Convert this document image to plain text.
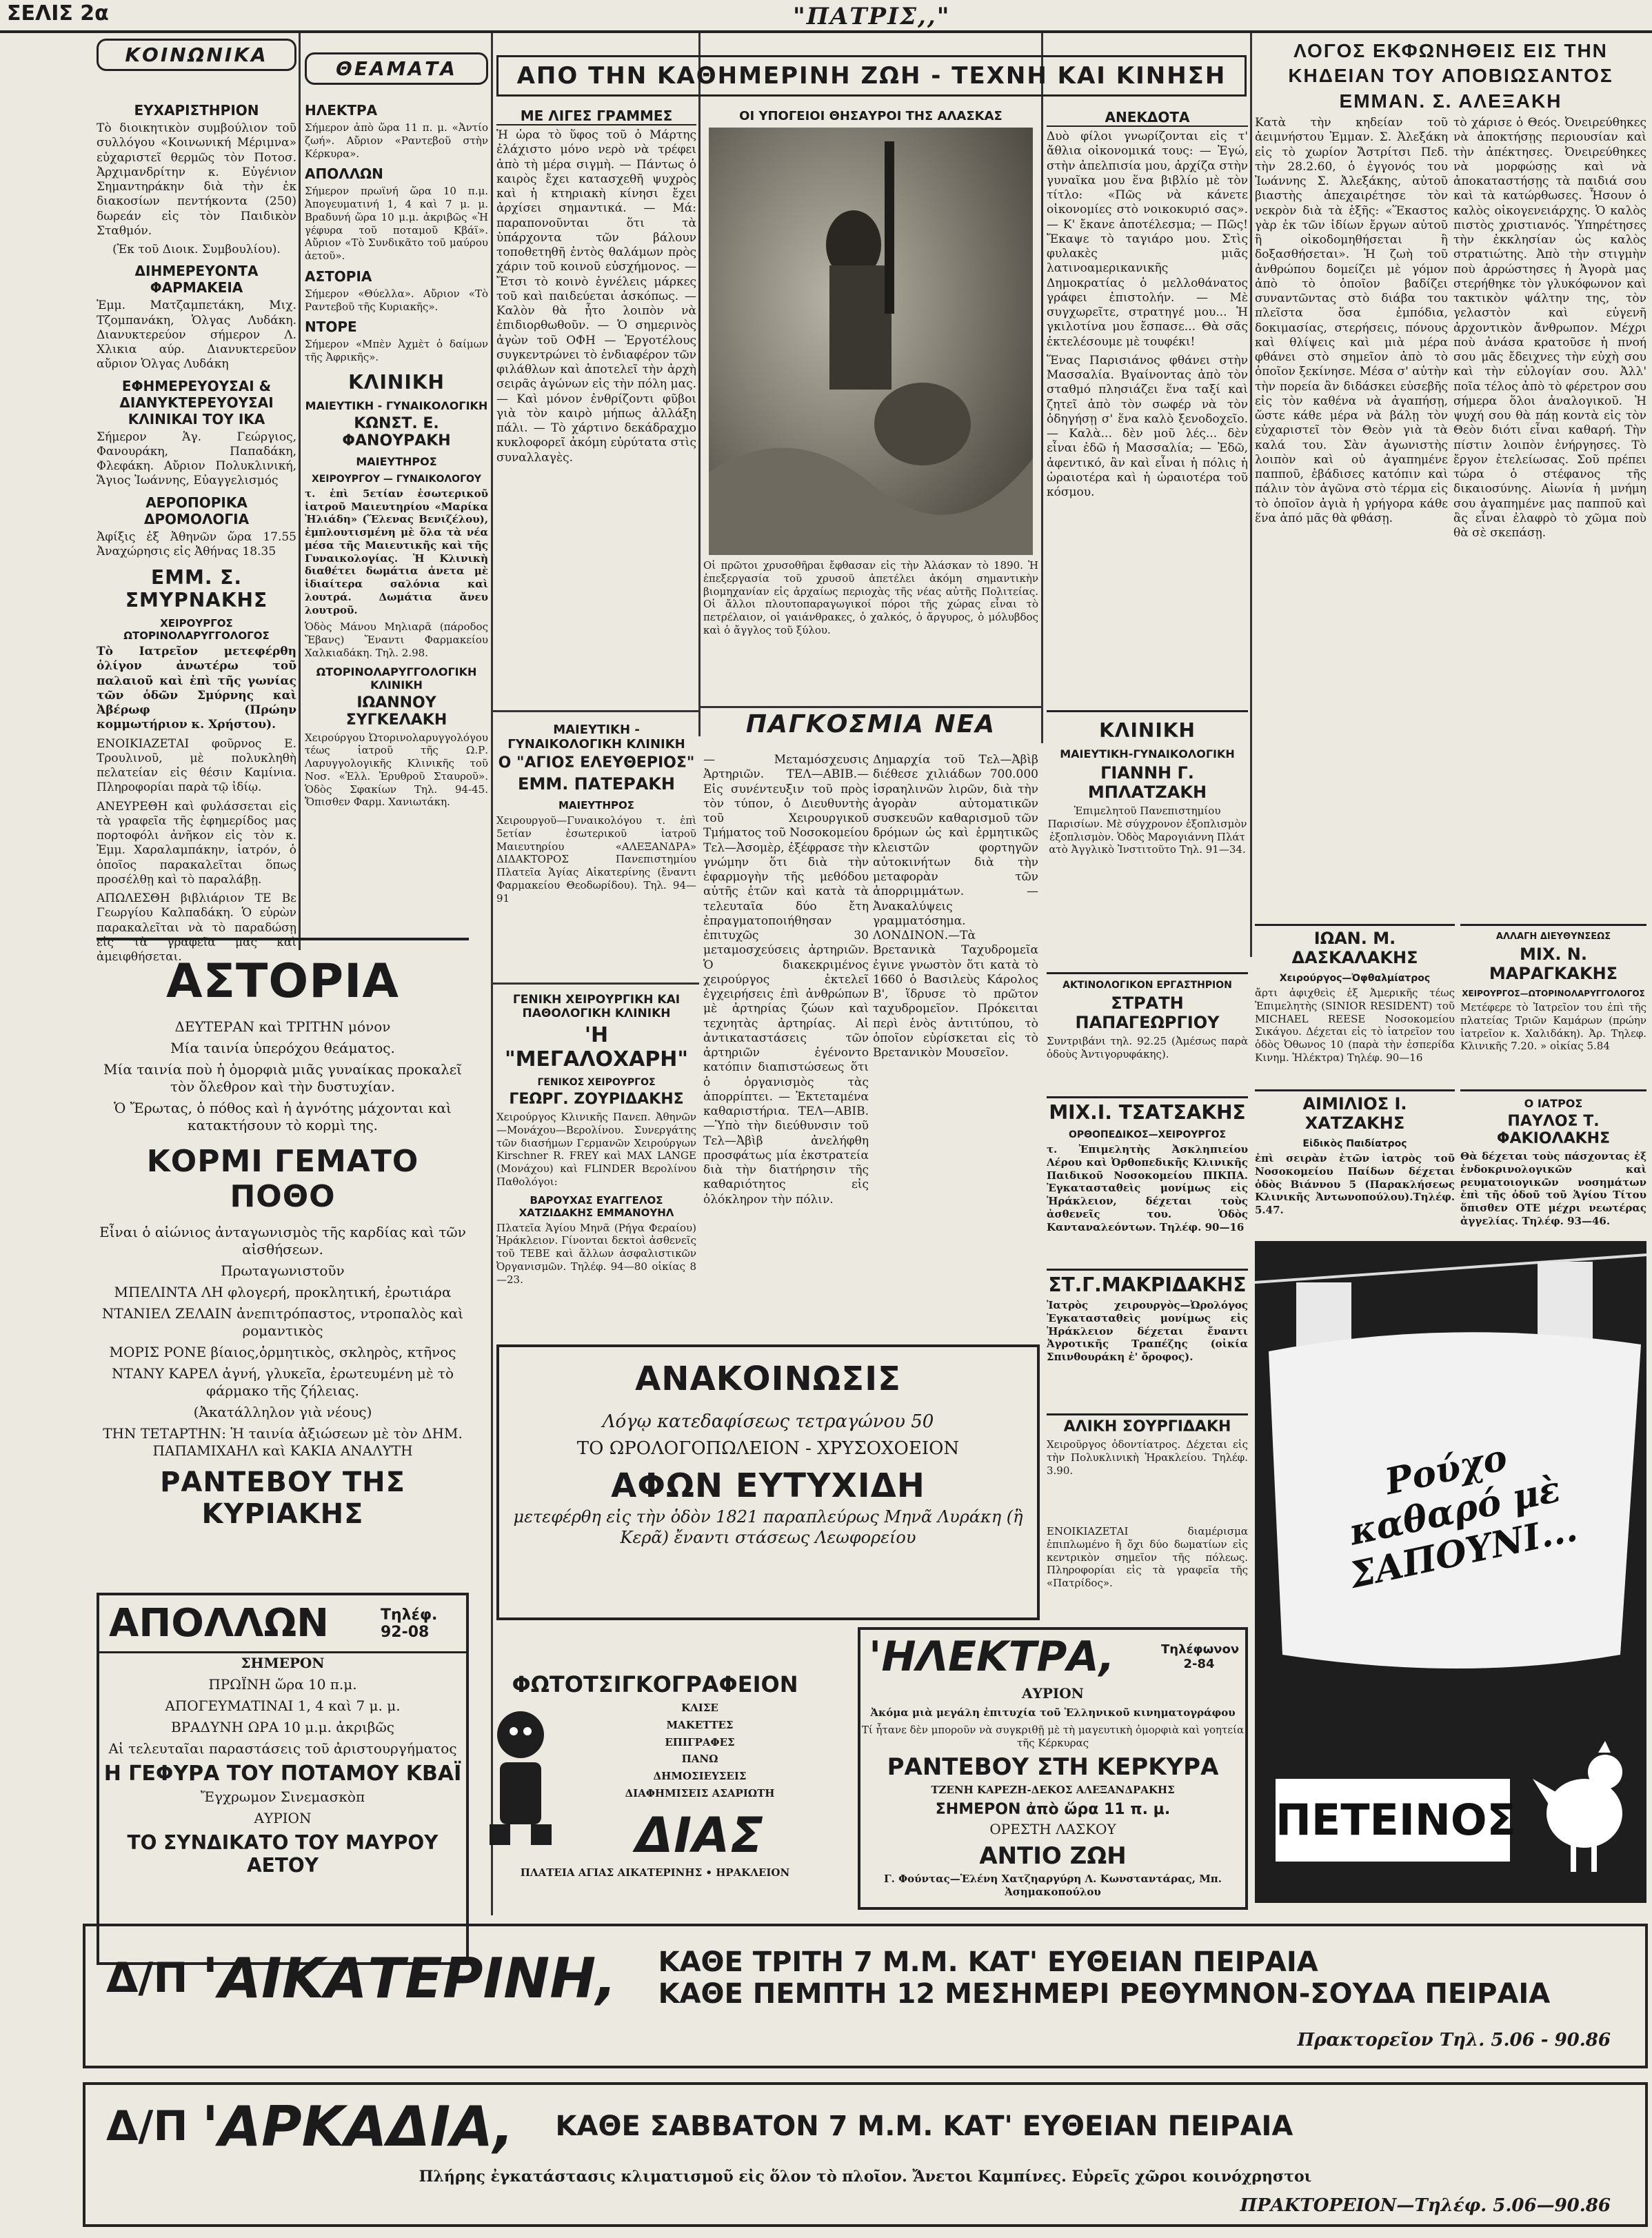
ΣΕΛΙΣ 2α	"ΠΑΤΡΙΣ,,"
ΚΟΙΝΩΝΙΚΑ
ΕΥΧΑΡΙΣΤΗΡΙΟΝ
Τὸ διοικητικὸν συμβούλιον τοῦ συλλόγου «Κοινωνική Μέριμνα» εὐχαριστεῖ θερμῶς τὸν Ποτοσ. Ἀρχιμανδρίτην κ. Εὐγένιον Σημαντηράκην διὰ τὴν ἐκ διακοσίων πεντήκοντα (250) δωρεάν εἰς τὸν Παιδικὸν Σταθμόν.
(Ἐκ τοῦ Διοικ. Συμβουλίου).
ΔΙΗΜΕΡΕΥΟΝΤΑ ΦΑΡΜΑΚΕΙΑ
Ἐμμ. Ματζαμπετάκη, Μιχ. Τζομπανάκη, Ὁλγας Λυδάκη. Διανυκτερεύον σήμερον Λ. Χλικια αύρ. Διανυκτερεῦον αὔριον Ὁλγας Λυδάκη
ΕΦΗΜΕΡΕΥΟΥΣΑΙ & ΔΙΑΝΥΚΤΕΡΕΥΟΥΣΑΙ ΚΛΙΝΙΚΑΙ ΤΟΥ ΙΚΑ
Σήμερον Ἁγ. Γεώργιος, Φανουράκη, Παπαδάκη, Φλεφάκη. Αὔριον Πολυκλινική, Ἅγιος Ἰωάννης, Εὐαγγελισμός
ΑΕΡΟΠΟΡΙΚΑ ΔΡΟΜΟΛΟΓΙΑ
Ἀφίξις ἐξ Ἀθηνῶν ὥρα 17.55 Ἀναχώρησις εἰς Ἀθήνας 18.35
ΕΜΜ. Σ. ΣΜΥΡΝΑΚΗΣ
ΧΕΙΡΟΥΡΓΟΣ ΩΤΟΡΙΝΟΛΑΡΥΓΓΟΛΟΓΟΣ
Τὸ Ιατρεῖον μετεφέρθη ὀλίγον ἀνωτέρω τοῦ παλαιοῦ καὶ ἐπὶ τῆς γωνίας τῶν ὁδῶν Σμύρνης καὶ Ἀβέρωφ (Πρώην κομμωτήριον κ. Χρήστου).
ΕΝΟΙΚΙΑΖΕΤΑΙ φοῦρνος Ε. Τρουλινοῦ, μὲ πολυκληθὴ πελατείαν εἰς θέσιν Καμίνια. Πληροφορίαι παρὰ τῷ ἰδίῳ.
ΑΝΕΥΡΕΘΗ καὶ φυλάσσεται εἰς τὰ γραφεῖα τῆς ἐφημερίδος μας πορτοφόλι ἀνῆκον εἰς τὸν κ. Ἐμμ. Χαραλαμπάκην, ἰατρόν, ὁ ὁποῖος παρακαλεῖται ὅπως προσέλθῃ καὶ τὸ παραλάβῃ.
ΑΠΩΛΕΣΘΗ βιβλιάριον ΤΕ Βε Γεωργίου Καλπαδάκη. Ὁ εὑρὼν παρακαλεῖται νὰ τὸ παραδώσῃ εἰς τὰ γραφεῖα μας καὶ ἀμειφθήσεται.
ΘΕΑΜΑΤΑ
ΗΛΕΚΤΡΑ
Σήμερον ἀπὸ ὥρα 11 π. μ. «Ἀντίο ζωή». Αὔριον «Ραντεβοῦ στὴν Κέρκυρα».
ΑΠΟΛΛΩΝ
Σήμερον πρωϊνή ὥρα 10 π.μ. Ἀπογευματινή 1, 4 καὶ 7 μ. μ. Βραδυνή ὥρα 10 μ.μ. ἀκριβῶς «Ἡ γέφυρα τοῦ ποταμοῦ Κβάϊ». Αὔριον «Τὸ Συνδικᾶτο τοῦ μαύρου ἀετοῦ».
ΑΣΤΟΡΙΑ
Σήμερον «Θύελλα». Αὔριον «Τὸ Ραντεβοῦ τῆς Κυριακῆς».
ΝΤΟΡΕ
Σήμερον «Μπὲν Ἀχμὲτ ὁ δαίμων τῆς Ἀφρικῆς».
ΚΛΙΝΙΚΗ
ΜΑΙΕΥΤΙΚΗ - ΓΥΝΑΙΚΟΛΟΓΙΚΗ
ΚΩΝΣΤ. Ε. ΦΑΝΟΥΡΑΚΗ
ΜΑΙΕΥΤΗΡΟΣ
ΧΕΙΡΟΥΡΓΟΥ — ΓΥΝΑΙΚΟΛΟΓΟΥ
τ. ἐπὶ 5ετίαν ἐσωτερικοῦ ἰατροῦ Μαιευτηρίου «Μαρίκα Ἠλιάδη» (Ἕλενας Βενιζέλου), ἐμπλουτισμένη μὲ ὅλα τὰ νέα μέσα τῆς Μαιευτικῆς καὶ τῆς Γυναικολογίας. Ἡ Κλινικὴ διαθέτει δωμάτια ἀνετα μὲ ἰδιαίτερα σαλόνια καὶ λουτρά. Δωμάτια ἄνευ λουτροῦ.
Ὁδὸς Μάνου Μηλιαρᾶ (πάροδος Ἔβανς) Ἔναντι Φαρμακείου Χαλκιαδάκη. Τηλ. 2.98.
ΩΤΟΡΙΝΟΛΑΡΥΓΓΟΛΟΓΙΚΗ ΚΛΙΝΙΚΗ
ΙΩΑΝΝΟΥ ΣΥΓΚΕΛΑΚΗ
Χειρούργου Ὠτορινολαρυγγολόγου τέως ἰατροῦ τῆς Ω.Ρ. Λαρυγγολογικῆς Κλινικῆς τοῦ Νοσ. «Ἑλλ. Ἐρυθροῦ Σταυροῦ». Ὁδὸς Σφακίων Τηλ. 94-45. Ὄπισθεν Φαρμ. Χανιωτάκη.
ΑΠΟ ΤΗΝ ΚΑΘΗΜΕΡΙΝΗ ΖΩΗ - ΤΕΧΝΗ ΚΑΙ ΚΙΝΗΣΗ
ΜΕ ΛΙΓΕΣ ΓΡΑΜΜΕΣ
Ἡ ὡρα τὸ ὕφος τοῦ ὁ Μάρτης ἐλάχιστο μόνο νερὸ νὰ τρέφει ἀπὸ τὴ μέρα σιγμὴ. — Πάντως ὁ καιρὸς ἔχει κατασχεθῆ ψυχρὸς καὶ ἡ κτηριακὴ κίνησι ἔχει ἀρχίσει σημαντικά. — Μά: παραπονοῦνται ὅτι τὰ ὑπάρχοντα τῶν βάλουν τοποθετηθῆ ἐντὸς θαλάμων πρὸς χάριν τοῦ κοινοῦ εὐσχήμονος. — Ἔτσι τὸ κοινὸ ἐγνέλεις μάρκες τοῦ καὶ παιδεύεται ἀσκόπως. — Καλὸν θὰ ἦτο λοιπὸν νὰ ἐπιδιορθωθοῦν. — Ὁ σημερινὸς ἀγὼν τοῦ ΟΦΗ — Ἐργοτέλους συγκεντρώνει τὸ ἐνδιαφέρον τῶν φιλάθλων καὶ ἀποτελεῖ τὴν ἀρχὴ σειρᾶς ἀγώνων εἰς τὴν πόλη μας. — Καὶ μόνον ἐνθρίζοντι φῦβοι γιὰ τὸν καιρὸ μήπως ἀλλάξη πάλι. — Τὸ χάρτινο δεκάδραχμο κυκλοφορεῖ ἀκόμη εὐρύτατα στὶς συναλλαγὲς.
ΟΙ ΥΠΟΓΕΙΟΙ ΘΗΣΑΥΡΟΙ ΤΗΣ ΑΛΑΣΚΑΣ
Οἱ πρῶτοι χρυσοθῆραι ἔφθασαν εἰς τὴν Ἀλάσκαν τὸ 1890. Ἡ ἐπεξεργασία τοῦ χρυσοῦ ἀπετέλει ἀκόμη σημαντικὴν βιομηχανίαν εἰς ἀρχαίως περιοχὰς τῆς νέας αὐτῆς Πολιτείας. Οἱ ἄλλοι πλουτοπαραγωγικοί πόροι τῆς χώρας εἶναι τὸ πετρέλαιον, οἱ γαιάνθρακες, ὁ χαλκός, ὁ ἄργυρος, ὁ μόλυβδος καὶ ὁ ἄγγλος τοῦ ξύλου.
ΑΝΕΚΔΟΤΑ
Δυὸ φίλοι γνωρίζονται εἰς τ' ἄθλια οἰκονομικά τους: — Ἐγώ, στὴν ἀπελπισία μου, ἀρχίζα στὴν γυναῖκα μου ἕνα βιβλίο μὲ τὸν τίτλο: «Πῶς νὰ κάνετε οἰκονομίες στὸ νοικοκυριό σας». — Κ' ἔκανε ἀποτέλεσμα; — Πῶς! Ἔκαψε τὸ ταγιάρο μου. Στὶς φυλακὲς μιᾶς λατινοαμερικανικῆς Δημοκρατίας ὁ μελλοθάνατος γράφει ἐπιστολήν. — Μὲ συγχωρεῖτε, στρατηγέ μου... Ἡ γκιλοτίνα μου ἔσπασε... Θὰ σᾶς ἐκτελέσουμε μὲ τουφέκι!
Ἕνας Παρισιάνος φθάνει στὴν Μασσαλία. Βγαίνοντας ἀπὸ τὸν σταθμό πλησιάζει ἕνα ταξί καὶ ζητεῖ ἀπὸ τὸν σωφέρ νὰ τὸν ὁδηγήσῃ σ' ἕνα καλὸ ξενοδοχεῖο. — Καλὰ... δὲν μοῦ λές... δὲν εἶναι ἐδῶ ἡ Μασσαλία; — Ἐδῶ, ἀφεντικό, ἂν καὶ εἶναι ἡ πόλις ἡ ὡραιοτέρα καὶ ἡ ὡραιοτέρα τοῦ κόσμου.
ΛΟΓΟΣ ΕΚΦΩΝΗΘΕΙΣ ΕΙΣ ΤΗΝ ΚΗΔΕΙΑΝ ΤΟΥ ΑΠΟΒΙΩΣΑΝΤΟΣ ΕΜΜΑΝ. Σ. ΑΛΕΞΑΚΗ
Κατὰ τὴν κηδείαν τοῦ ἀειμνήστου Ἐμμαν. Σ. Ἀλεξάκη εἰς τὸ χωρίον Ἄστρίτσι Πεδ. τὴν 28.2.60, ὁ ἐγγονός του Ἰωάννης Σ. Ἀλεξάκης, αὐτοῦ βιαστὴς ἀπεχαιρέτησε τὸν νεκρὸν διὰ τὰ ἑξῆς: «Ἕκαστος γὰρ ἐκ τῶν ἰδίων ἔργων αὐτοῦ ἢ οἰκοδομηθήσεται ἢ δοξασθήσεται». Ἡ ζωὴ τοῦ ἀνθρώπου δομείζει μὲ γόμον ἀπὸ τὸ ὁποῖον βαδίζει συναντῶντας στὸ διάβα του πλεῖστα ὅσα ἐμπόδια, δοκιμασίας, στερήσεις, πόνους καὶ θλίψεις καὶ μιὰ μέρα φθάνει στὸ σημεῖον ἀπὸ τὸ ὁποῖον ξεκίνησε. Μέσα σ' αὐτὴν τὴν πορεία ἂν διδάσκει εὐσεβῆς εἰς τὸν καθένα νὰ ἀγαπήσῃ, ὥστε κάθε μέρα νὰ βάλῃ τὸν εὐχαριστεῖ τὸν Θεὸν γιὰ τὰ καλά του. Σὰν ἀγωνιστὴς λοιπὸν καὶ οὐ ἀγαπημένε παπποῦ, ἐβάδισες κατόπιν καὶ πάλιν τὸν ἀγῶνα στὸ τέρμα εἰς τὸ ὁποῖον ἀγιὰ ἡ γρήγορα κάθε ἕνα ἀπό μᾶς θὰ φθάσῃ.
τὸ χάρισε ὁ Θεός. Ὀνειρεύθηκες νὰ ἀποκτήσῃς περιουσίαν καὶ τὴν ἀπέκτησες. Ὀνειρεύθηκες νὰ μορφώσῃς καὶ νὰ ἀποκαταστήσῃς τὰ παιδιά σου καὶ τὰ κατώρθωσες. Ἦσουν ὁ καλὸς οἰκογενειάρχης. Ὁ καλὸς πιστὸς χριστιανός. Ὑπηρέτησες τὴν ἐκκλησίαν ὡς καλὸς στρατιώτης. Ἀπὸ τὴν στιγμὴν ποὺ ἀρρώστησες ἡ Ἀγορὰ μας στερήθηκε τὸν γλυκόφωνον καὶ τακτικὸν ψάλτην της, τὸν γελαστὸν καὶ εὐγενῆ ἀρχοντικὸν ἄνθρωπον. Μέχρι ποὺ ἀνάσα κρατοῦσε ἡ πνοή σου μᾶς ἔδειχνες τὴν εὐχὴ σου καὶ τὴν εὐλογίαν σου. Ἀλλ' ποῖα τέλος ἀπὸ τὸ φέρετρον σου σήμερα ὅλοι ἀναλογικοῦ. Ἡ ψυχή σου θὰ πάῃ κοντὰ εἰς τὸν Θεὸν διότι εἶναι καθαρή. Τὴν πίστιν λοιπὸν ἐνήργησες. Τὸ ἔργον ἐτελείωσας. Σοῦ πρέπει τώρα ὁ στέφανος τῆς δικαιοσύνης. Αἰωνία ἡ μνήμη σου ἀγαπημένε μας παπποῦ καὶ ἂς εἶναι ἐλαφρὸ τὸ χῶμα ποὺ θὰ σὲ σκεπάσῃ.
ΠΑΓΚΟΣΜΙΑ ΝΕΑ
— Μεταμόσχευσις Ἀρτηριῶν. ΤΕΛ—ΑΒΙΒ.—Εἰς συνέντευξιν τοῦ πρὸς τὸν τύπον, ὁ Διευθυντὴς τοῦ Χειρουργικοῦ Τμήματος τοῦ Νοσοκομείου Τελ—Ἀσομὲρ, ἐξέφρασε τὴν γνώμην ὅτι διὰ τὴν ἐφαρμογὴν τῆς μεθόδου αὐτῆς ἐτῶν καὶ κατὰ τὰ τελευταῖα δύο ἔτη ἐπραγματοποιήθησαν ἐπιτυχῶς 30 μεταμοσχεύσεις ἀρτηριῶν. Ὁ διακεκριμένος χειρούργος ἐκτελεῖ ἐγχειρήσεις ἐπὶ ἀνθρώπων μὲ ἀρτηρίας ζώων καὶ τεχνητὰς ἀρτηρίας. Αἱ ἀντικαταστάσεις τῶν ἀρτηριῶν ἐγένοντο κατόπιν διαπιστώσεως ὅτι ὁ ὀργανισμὸς τὰς ἀπορρίπτει. — Ἐκτεταμένα καθαριστήρια. ΤΕΛ—ΑΒΙΒ.—Ὑπὸ τὴν διεύθυνσιν τοῦ Τελ—Ἀβὶβ ἀνελήφθη προσφάτως μία ἐκστρατεία διὰ τὴν διατήρησιν τῆς καθαριότητος εἰς ὁλόκληρον τὴν πόλιν.
Δημαρχία τοῦ Τελ—Ἀβὶβ διέθεσε χιλιάδων 700.000 ἰσραηλινῶν λιρῶν, διὰ τὴν ἀγορὰν αὐτοματικῶν συσκευῶν καθαρισμοῦ τῶν δρόμων ὡς καὶ ἑρμητικῶς κλειστῶν φορτηγῶν αὐτοκινήτων διὰ τὴν μεταφορὰν τῶν ἀπορριμμάτων. — Ἀνακαλύψεις γραμματόσημα. ΛΟΝΔΙΝΟΝ.—Τὰ Βρετανικὰ Ταχυδρομεῖα ἐγινε γνωστὸν ὅτι κατὰ τὸ 1660 ὁ Βασιλεὺς Κάρολος Β', ἵδρυσε τὸ πρῶτον ταχυδρομεῖον. Πρόκειται περὶ ἑνὸς ἀντιτύπου, τὸ ὁποῖον εὑρίσκεται εἰς τὸ Βρετανικὸν Μουσεῖον.
ΜΑΙΕΥΤΙΚΗ - ΓΥΝΑΙΚΟΛΟΓΙΚΗ ΚΛΙΝΙΚΗ
Ο "ΑΓΙΟΣ ΕΛΕΥΘΕΡΙΟΣ"
ΕΜΜ. ΠΑΤΕΡΑΚΗ
ΜΑΙΕΥΤΗΡΟΣ
Χειρουργοῦ—Γυναικολόγου τ. ἐπὶ 5ετίαν ἐσωτερικοῦ ἰατροῦ Μαιευτηρίου «ΑΛΕΞΑΝΔΡΑ» ΔΙΔΑΚΤΟΡΟΣ Πανεπιστημίου Πλατεῖα Ἁγίας Αἰκατερίνης (ἔναντι Φαρμακείου Θεοδωρίδου). Τηλ. 94—91
ΓΕΝΙΚΗ ΧΕΙΡΟΥΡΓΙΚΗ ΚΑΙ ΠΑΘΟΛΟΓΙΚΗ ΚΛΙΝΙΚΗ
'Η "ΜΕΓΑΛΟΧΑΡΗ"
ΓΕΝΙΚΟΣ ΧΕΙΡΟΥΡΓΟΣ
ΓΕΩΡΓ. ΖΟΥΡΙΔΑΚΗΣ
Χειρούργος Κλινικῆς Πανεπ. Ἀθηνῶν—Μονάχου—Βερολίνου. Συνεργάτης τῶν διασήμων Γερμανῶν Χειρούργων Kirschner R. FREY καὶ MAX LANGE (Μονάχου) καὶ FLINDER Βερολίνου Παθολόγοι:
ΒΑΡΟΥΧΑΣ ΕΥΑΓΓΕΛΟΣ ΧΑΤΖΙΔΑΚΗΣ ΕΜΜΑΝΟΥΗΛ
Πλατεῖα Ἁγίου Μηνᾶ (Ρήγα Φεραίου) Ἡράκλειον. Γίνονται δεκτοὶ ἀσθενεῖς τοῦ ΤΕΒΕ καὶ ἄλλων ἀσφαλιστικῶν Ὀργανισμῶν. Τηλέφ. 94—80 οἰκίας 8—23.
ΚΛΙΝΙΚΗ
ΜΑΙΕΥΤΙΚΗ-ΓΥΝΑΙΚΟΛΟΓΙΚΗ
ΓΙΑΝΝΗ Γ. ΜΠΛΑΤΖΑΚΗ
Ἐπιμελητοῦ Πανεπιστημίου Παρισίων. Μὲ σύγχρονον ἐξοπλισμὸν ἐξοπλισμὸν. Ὁδὸς Μαρογιάννη Πλάτ ατὸ Ἀγγλικὸ Ἰνστιτοῦτο Τηλ. 91—34.
ΑΚΤΙΝΟΛΟΓΙΚΟΝ ΕΡΓΑΣΤΗΡΙΟΝ
ΣΤΡΑΤΗ ΠΑΠΑΓΕΩΡΓΙΟΥ
Συντριβάνι τηλ. 92.25 (Ἀμέσως παρὰ ὁδοὺς Ἀντιγορυφάκης).
ΜΙΧ.Ι. ΤΣΑΤΣΑΚΗΣ
ΟΡΘΟΠΕΔΙΚΟΣ—ΧΕΙΡΟΥΡΓΟΣ
τ. Ἐπιμελητὴς Ἀσκληπιείου Λέρου καὶ Ὀρθοπεδικῆς Κλινικῆς Παιδικοῦ Νοσοκομείου ΠΙΚΠΑ. Ἐγκατασταθεὶς μονίμως εἰς Ἡράκλειον, δέχεται τοὺς ἀσθενεῖς του. Ὁδὸς Κανταναλεόντων. Τηλέφ. 90—16
ΣΤ.Γ.ΜΑΚΡΙΔΑΚΗΣ
Ἰατρὸς χειρουργὸς—Ὠρολόγος Ἐγκατασταθεὶς μονίμως εἰς Ἡράκλειον δέχεται ἔναντι Ἀγροτικῆς Τραπέζης (οἰκία Σπινθουράκη ἐ' ὄροφος).
ΙΩΑΝ. Μ. ΔΑΣΚΑΛΑΚΗΣ
Χειρούργος—Ὀφθαλμίατρος
ἄρτι ἀφιχθεὶς ἐξ Ἀμερικῆς τέως Ἐπιμελητὴς (SINIOR RESIDENT) τοῦ MICHAEL REESE Νοσοκομείου Σικάγου. Δέχεται εἰς τὸ ἰατρεῖον του ὁδὸς Ὀθωνος 10 (παρὰ τὴν ἐσπερίδα Κινημ. Ἡλέκτρα) Τηλέφ. 90—16
ΑΛΛΑΓΗ ΔΙΕΥΘΥΝΣΕΩΣ
ΜΙΧ. Ν. ΜΑΡΑΓΚΑΚΗΣ
ΧΕΙΡΟΥΡΓΟΣ—ΩΤΟΡΙΝΟΛΑΡΥΓΓΟΛΟΓΟΣ
Μετέφερε τὸ Ἰατρεῖον του ἐπὶ τῆς πλατείας Τριῶν Καμάρων (πρώην ἰατρεῖον κ. Χαλιδάκη). Ἀρ. Τηλεφ. Κλινικῆς 7.20. » οἰκίας 5.84
ΑΙΜΙΛΙΟΣ Ι. ΧΑΤΖΑΚΗΣ
Εἰδικὸς Παιδίατρος
ἐπὶ σειρὰν ἐτῶν ἰατρὸς τοῦ Νοσοκομείου Παίδων δέχεται ὁδὸς Βιάννου 5 (Παρακλήσεως Κλινικῆς Ἀντωνοπούλου).Τηλέφ. 5.47.
Ο ΙΑΤΡΟΣ
ΠΑΥΛΟΣ Τ. ΦΑΚΙΟΛΑΚΗΣ
Θὰ δέχεται τοὺς πάσχοντας ἐξ ἐνδοκρινολογικῶν καὶ ρευματοιογικῶν νοσημάτων ἐπὶ τῆς ὁδοῦ τοῦ Ἁγίου Τίτου ὅπισθεν ΟΤΕ μέχρι νεωτέρας ἀγγελίας. Τηλέφ. 93—46.
ΑΣΤΟΡΙΑ
ΔΕΥΤΕΡΑΝ καὶ ΤΡΙΤΗΝ μόνον
Μία ταινία ὑπερόχου θεάματος.
Μία ταινία ποὺ ἡ ὀμορφιὰ μιᾶς γυναίκας προκαλεῖ τὸν ὄλεθρον καὶ τὴν δυστυχίαν.
Ὁ Ἔρωτας, ὁ πόθος καὶ ἡ ἀγνότης μάχονται καὶ κατακτήσουν τὸ κορμὶ της.
ΚΟΡΜΙ ΓΕΜΑΤΟ ΠΟΘΟ
Εἶναι ὁ αἰώνιος ἀνταγωνισμὸς τῆς καρδίας καὶ τῶν αἰσθήσεων.
Πρωταγωνιστοῦν
ΜΠΕΛΙΝΤΑ ΛΗ φλογερή, προκλητική, ἐρωτιάρα
ΝΤΑΝΙΕΛ ΖΕΛΑΙΝ ἀνεπιτρόπαστος, ντροπαλὸς καὶ ρομαντικὸς
ΜΟΡΙΣ ΡΟΝΕ βίαιος,ὁρμητικὸς, σκληρὸς, κτῆνος
ΝΤΑΝΥ ΚΑΡΕΛ ἀγνή, γλυκεῖα, ἐρωτευμένη μὲ τὸ φάρμακο τῆς ζήλειας.
(Ἀκατάλληλον γιὰ νέους)
ΤΗΝ ΤΕΤΑΡΤΗΝ: Ἡ ταινία ἀξιώσεων μὲ τὸν ΔΗΜ. ΠΑΠΑΜΙΧΑΗΛ καὶ ΚΑΚΙΑ ΑΝΑΛΥΤΗ
ΡΑΝΤΕΒΟΥ ΤΗΣ ΚΥΡΙΑΚΗΣ
ΑΠΟΛΛΩΝ	Τηλέφ. 92-08
ΣΗΜΕΡΟΝ
ΠΡΩΪΝΗ ὥρα 10 π.μ.
ΑΠΟΓΕΥΜΑΤΙΝΑΙ 1, 4 καὶ 7 μ. μ.
ΒΡΑΔΥΝΗ ΩΡΑ 10 μ.μ. ἀκριβῶς
Αἱ τελευταῖαι παραστάσεις τοῦ ἀριστουργήματος
Η ΓΕΦΥΡΑ ΤΟΥ ΠΟΤΑΜΟΥ ΚΒΑΪ
Ἔγχρωμον Σινεμασκὸπ
ΑΥΡΙΟΝ
ΤΟ ΣΥΝΔΙΚΑΤΟ ΤΟΥ ΜΑΥΡΟΥ ΑΕΤΟΥ
ΑΝΑΚΟΙΝΩΣΙΣ
Λόγῳ κατεδαφίσεως τετραγώνου 50
ΤΟ ΩΡΟΛΟΓΟΠΩΛΕΙΟΝ - ΧΡΥΣΟΧΟΕΙΟΝ
ΑΦΩΝ ΕΥΤΥΧΙΔΗ
μετεφέρθη εἰς τὴν ὁδὸν 1821 παραπλεύρως Μηνᾶ Λυράκη (ἢ Κερᾶ) ἔναντι στάσεως Λεωφορείου
ΦΩΤΟΤΣΙΓΚΟΓΡΑΦΕΙΟΝ
ΚΛΙΣΕ
ΜΑΚΕΤΤΕΣ
ΕΠΙΓΡΑΦΕΣ
ΠΑΝΩ
ΔΗΜΟΣΙΕΥΣΕΙΣ
ΔΙΑΦΗΜΙΣΕΙΣ ΑΣΑΡΙΩΤΗ
ΔΙΑΣ
ΠΛΑΤΕΙΑ ΑΓΙΑΣ ΑΙΚΑΤΕΡΙΝΗΣ • ΗΡΑΚΛΕΙΟΝ
ΑΛΙΚΗ ΣΟΥΡΓΙΔΑΚΗ
Χειροῦργος ὀδοντίατρος. Δέχεται εἰς τὴν Πολυκλινικὴ Ἡρακλείου. Τηλέφ. 3.90.
ΕΝΟΙΚΙΑΖΕΤΑΙ διαμέρισμα ἐπιπλωμένο ἢ ὄχι δύο δωματίων εἰς κεντρικὸν σημεῖον τῆς πόλεως. Πληροφορίαι εἰς τὰ γραφεῖα τῆς «Πατρίδος».
'ΗΛΕΚΤΡΑ,	Τηλέφωνον 2-84
ΑΥΡΙΟΝ
Ἀκόμα μιὰ μεγάλη ἐπιτυχία τοῦ Ἑλληνικοῦ κινηματογράφου
Τί ἦτανε δὲν μποροῦν νὰ συγκριθῇ μὲ τὴ μαγευτικὴ ὀμορφιὰ καὶ γοητεία τῆς Κέρκυρας
ΡΑΝΤΕΒΟΥ ΣΤΗ ΚΕΡΚΥΡΑ
ΤΖΕΝΗ ΚΑΡΕΖΗ-ΔΕΚΟΣ ΑΛΕΞΑΝΔΡΑΚΗΣ
ΣΗΜΕΡΟΝ ἀπὸ ὥρα 11 π. μ.
ΟΡΕΣΤΗ ΛΑΣΚΟΥ
ΑΝΤΙΟ ΖΩΗ
Γ. Φούντας—Ἑλένη Χατζηαργύρη Λ. Κωνσταντάρας, Μπ. Ἀσημακοπούλου
Ρούχο καθαρό μὲ ΣΑΠΟΥΝΙ...
ΠΕΤΕΙΝΟΣ
Δ/Π 'ΑΙΚΑΤΕΡΙΝΗ, ΚΑΘΕ ΤΡΙΤΗ 7 Μ.Μ. ΚΑΤ' ΕΥΘΕΙΑΝ ΠΕΙΡΑΙΑ
ΚΑΘΕ ΠΕΜΠΤΗ 12 ΜΕΣΗΜΕΡΙ ΡΕΘΥΜΝΟΝ-ΣΟΥΔΑ ΠΕΙΡΑΙΑ
Πρακτορεῖον Τηλ. 5.06 - 90.86
Δ/Π 'ΑΡΚΑΔΙΑ, ΚΑΘΕ ΣΑΒΒΑΤΟΝ 7 Μ.Μ. ΚΑΤ' ΕΥΘΕΙΑΝ ΠΕΙΡΑΙΑ
Πλήρης ἐγκατάστασις κλιματισμοῦ εἰς ὅλον τὸ πλοῖον. Ἄνετοι Καμπίνες. Εὐρεῖς χῶροι κοινόχρηστοι
ΠΡΑΚΤΟΡΕΙΟΝ—Τηλέφ. 5.06—90.86
